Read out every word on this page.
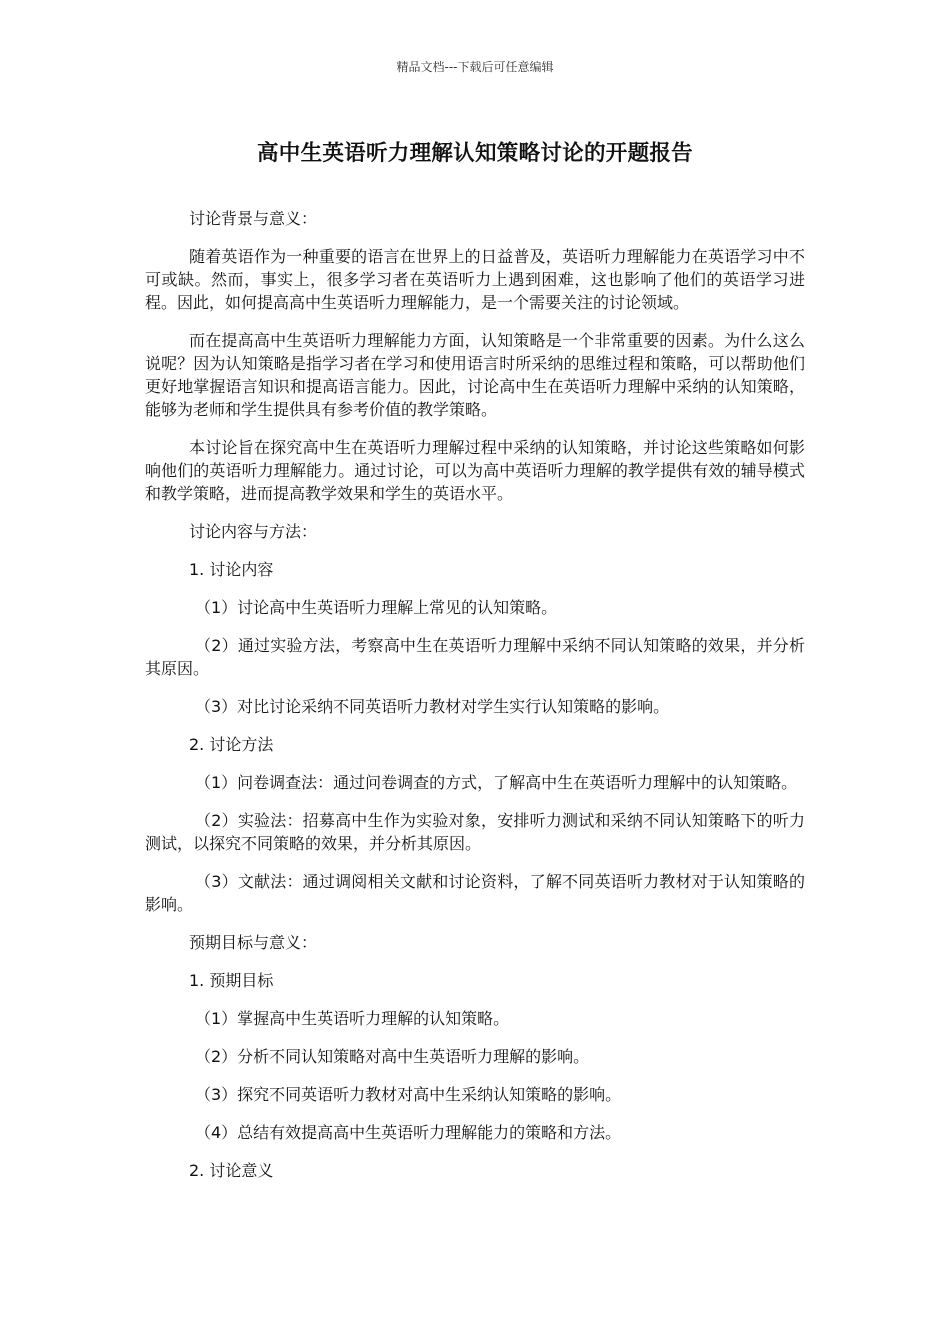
精品文档---下载后可任意编辑
高中生英语听力理解认知策略讨论的开题报告

讨论背景与意义：

随着英语作为一种重要的语言在世界上的日益普及，英语听力理解能力在英语学习中不可或缺。然而，事实上，很多学习者在英语听力上遇到困难，这也影响了他们的英语学习进程。因此，如何提高高中生英语听力理解能力，是一个需要关注的讨论领域。

而在提高高中生英语听力理解能力方面，认知策略是一个非常重要的因素。为什么这么说呢？因为认知策略是指学习者在学习和使用语言时所采纳的思维过程和策略，可以帮助他们更好地掌握语言知识和提高语言能力。因此，讨论高中生在英语听力理解中采纳的认知策略，能够为老师和学生提供具有参考价值的教学策略。

本讨论旨在探究高中生在英语听力理解过程中采纳的认知策略，并讨论这些策略如何影响他们的英语听力理解能力。通过讨论，可以为高中英语听力理解的教学提供有效的辅导模式和教学策略，进而提高教学效果和学生的英语水平。

讨论内容与方法：

1. 讨论内容

（1）讨论高中生英语听力理解上常见的认知策略。

（2）通过实验方法，考察高中生在英语听力理解中采纳不同认知策略的效果，并分析其原因。

（3）对比讨论采纳不同英语听力教材对学生实行认知策略的影响。

2. 讨论方法

（1）问卷调查法：通过问卷调查的方式，了解高中生在英语听力理解中的认知策略。

（2）实验法：招募高中生作为实验对象，安排听力测试和采纳不同认知策略下的听力测试，以探究不同策略的效果，并分析其原因。

（3）文献法：通过调阅相关文献和讨论资料，了解不同英语听力教材对于认知策略的影响。

预期目标与意义：

1. 预期目标

（1）掌握高中生英语听力理解的认知策略。

（2）分析不同认知策略对高中生英语听力理解的影响。

（3）探究不同英语听力教材对高中生采纳认知策略的影响。

（4）总结有效提高高中生英语听力理解能力的策略和方法。

2. 讨论意义
